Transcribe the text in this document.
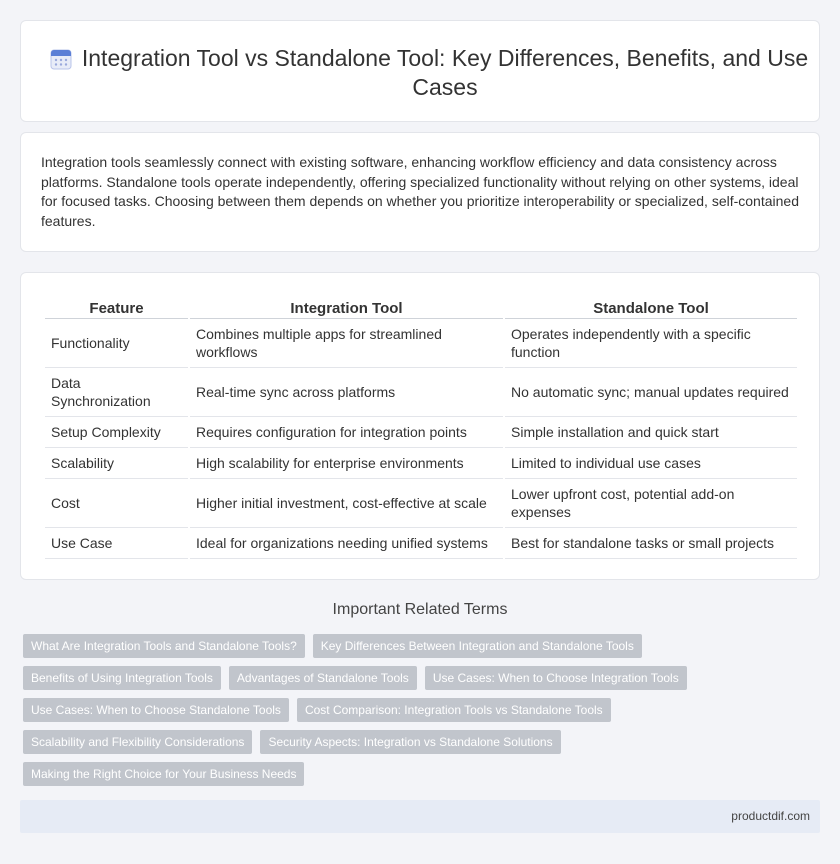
Integration Tool vs Standalone Tool: Key Differences, Benefits, and Use Cases

Integration tools seamlessly connect with existing software, enhancing workflow efficiency and data consistency across platforms. Standalone tools operate independently, offering specialized functionality without relying on other systems, ideal for focused tasks. Choosing between them depends on whether you prioritize interoperability or specialized, self-contained features.

Feature	Integration Tool	Standalone Tool
Functionality	Combines multiple apps for streamlined workflows	Operates independently with a specific function
Data Synchronization	Real-time sync across platforms	No automatic sync; manual updates required
Setup Complexity	Requires configuration for integration points	Simple installation and quick start
Scalability	High scalability for enterprise environments	Limited to individual use cases
Cost	Higher initial investment, cost-effective at scale	Lower upfront cost, potential add-on expenses
Use Case	Ideal for organizations needing unified systems	Best for standalone tasks or small projects
Important Related Terms
What Are Integration Tools and Standalone Tools?	Key Differences Between Integration and Standalone Tools
Benefits of Using Integration Tools	Advantages of Standalone Tools	Use Cases: When to Choose Integration Tools
Use Cases: When to Choose Standalone Tools	Cost Comparison: Integration Tools vs Standalone Tools
Scalability and Flexibility Considerations	Security Aspects: Integration vs Standalone Solutions
Making the Right Choice for Your Business Needs
productdif.com
